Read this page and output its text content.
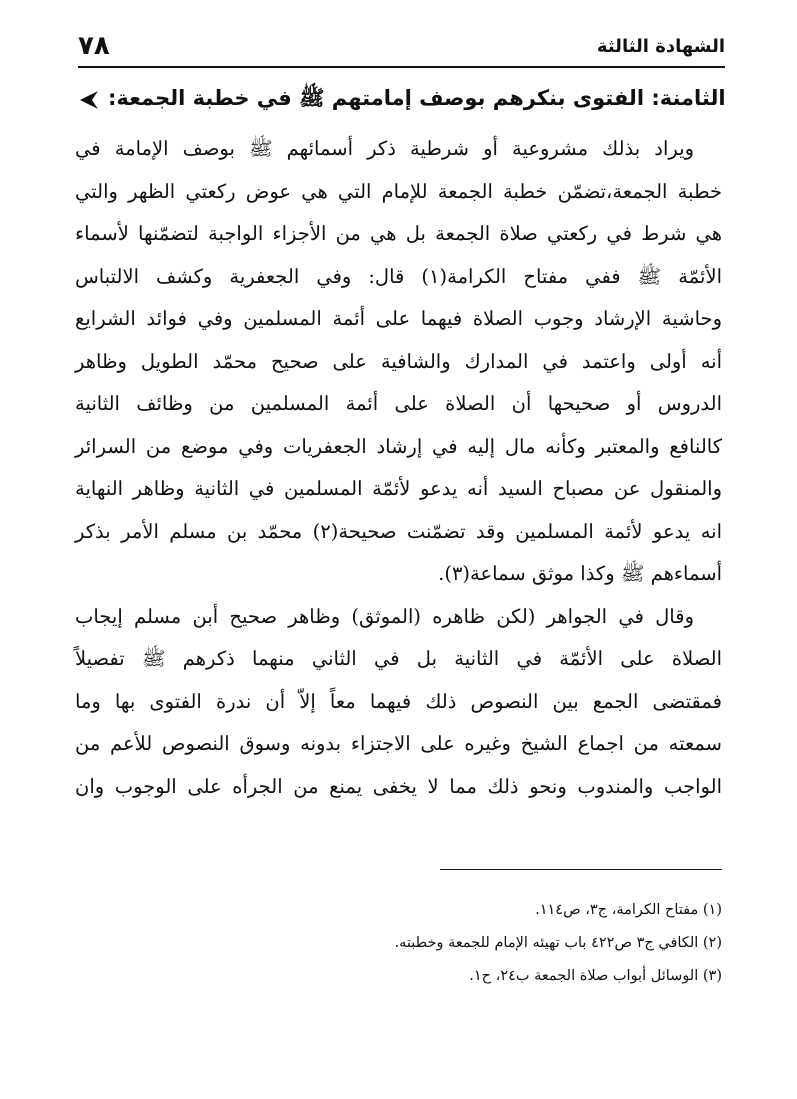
٧٨	الشهادة الثالثة
الثامنة: الفتوى بنكرهم بوصف إمامتهم ﷺ في خطبة الجمعة:
ويراد بذلك مشروعية أو شرطية ذكر أسمائهم ﷺ بوصف الإمامة في
خطبة الجمعة،تضمّن خطبة الجمعة للإمام التي هي عوض ركعتي الظهر والتي
هي شرط في ركعتي صلاة الجمعة بل هي من الأجزاء الواجبة لتضمّنها لأسماء
الأئمّة ﷺ ففي مفتاح الكرامة(١) قال: وفي الجعفرية وكشف الالتباس
وحاشية الإرشاد وجوب الصلاة فيهما على أئمة المسلمين وفي فوائد الشرايع
أنه أولى واعتمد في المدارك والشافية على صحيح محمّد الطويل وظاهر
الدروس أو صحيحها أن الصلاة على أئمة المسلمين من وظائف الثانية
كالنافع والمعتبر وكأنه مال إليه في إرشاد الجعفريات وفي موضع من السرائر
والمنقول عن مصباح السيد أنه يدعو لأئمّة المسلمين في الثانية وظاهر النهاية
انه يدعو لأئمة المسلمين وقد تضمّنت صحيحة(٢) محمّد بن مسلم الأمر بذكر
أسماءهم ﷺ وكذا موثق سماعة(٣).
وقال في الجواهر (لكن ظاهره (الموثق) وظاهر صحيح أبن مسلم إيجاب
الصلاة على الأئمّة في الثانية بل في الثاني منهما ذكرهم ﷺ تفصيلاً
فمقتضى الجمع بين النصوص ذلك فيهما معاً إلاّ أن ندرة الفتوى بها وما
سمعته من اجماع الشيخ وغيره على الاجتزاء بدونه وسوق النصوص للأعم من
الواجب والمندوب ونحو ذلك مما لا يخفى يمنع من الجرأه على الوجوب وان
(١) مفتاح الكرامة، ج٣، ص١١٤.
(٢) الكافي ج٣ ص٤٢٢ باب تهيئه الإمام للجمعة وخطبته.
(٣) الوسائل أبواب صلاة الجمعة ب٢٤، ح١.
